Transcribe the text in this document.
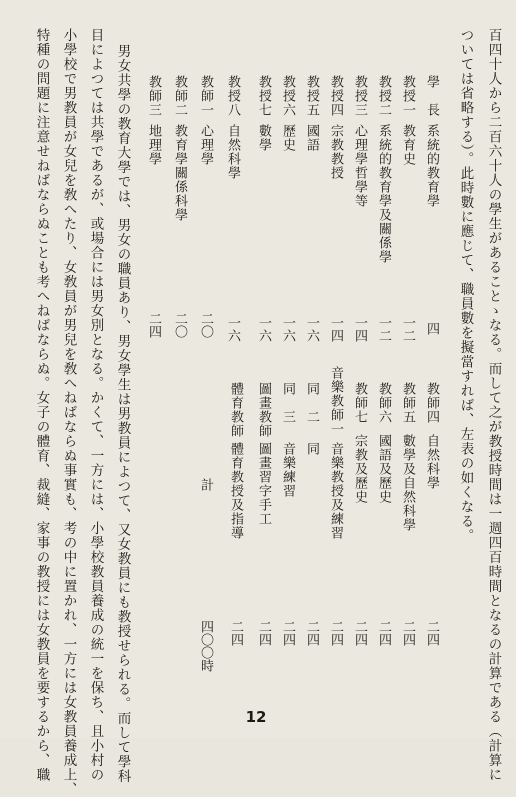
百四十人から二百六十人の學生があることゝなる。而して之が教授時間は一週四百時間となるの計算である（計算に
ついては省略する）。此時數に應じて、職員數を擬當すれば、左表の如くなる。
學　長
系統的教育學
四
教授一
教育史
一二
教授二
系統的教育學及關係學
一二
教授三
心理學哲學等
一四
教授四
宗教教授
一四
教授五
國語
一六
教授六
歷史
一六
教授七
數學
一六
教授八
自然科學
一六
教師一
心理學
二〇
教師二
教育學關係科學
二〇
教師三
地理學
二四
教師四
自然科學
二四
教師五
數學及自然科學
二四
教師六
國語及歷史
二四
教師七
宗教及歷史
二四
音樂教師一
音樂教授及練習
二四
同　二
同
二四
同　三
音樂練習
二四
圖畫教師
圖畫習字手工
二四
體育教師
體育教授及指導
二四
計
四〇〇時
男女共學の教育大學では、男女の職員あり、男女學生は男教員によつて、又女教員にも教授せられる。而して學科
目によつては共學であるが、或場合には男女別となる。かくて、一方には、小學校教員養成の統一を保ち、且小村の
小學校で男教員が女兒を敎へたり、女敎員が男兒を敎へねばならぬ事實も、考の中に置かれ、一方には女教員養成上、
特種の問題に注意せねばならぬことも考へねばならぬ。女子の體育、裁縫、家事の教授には女教員を要するから、職	12
